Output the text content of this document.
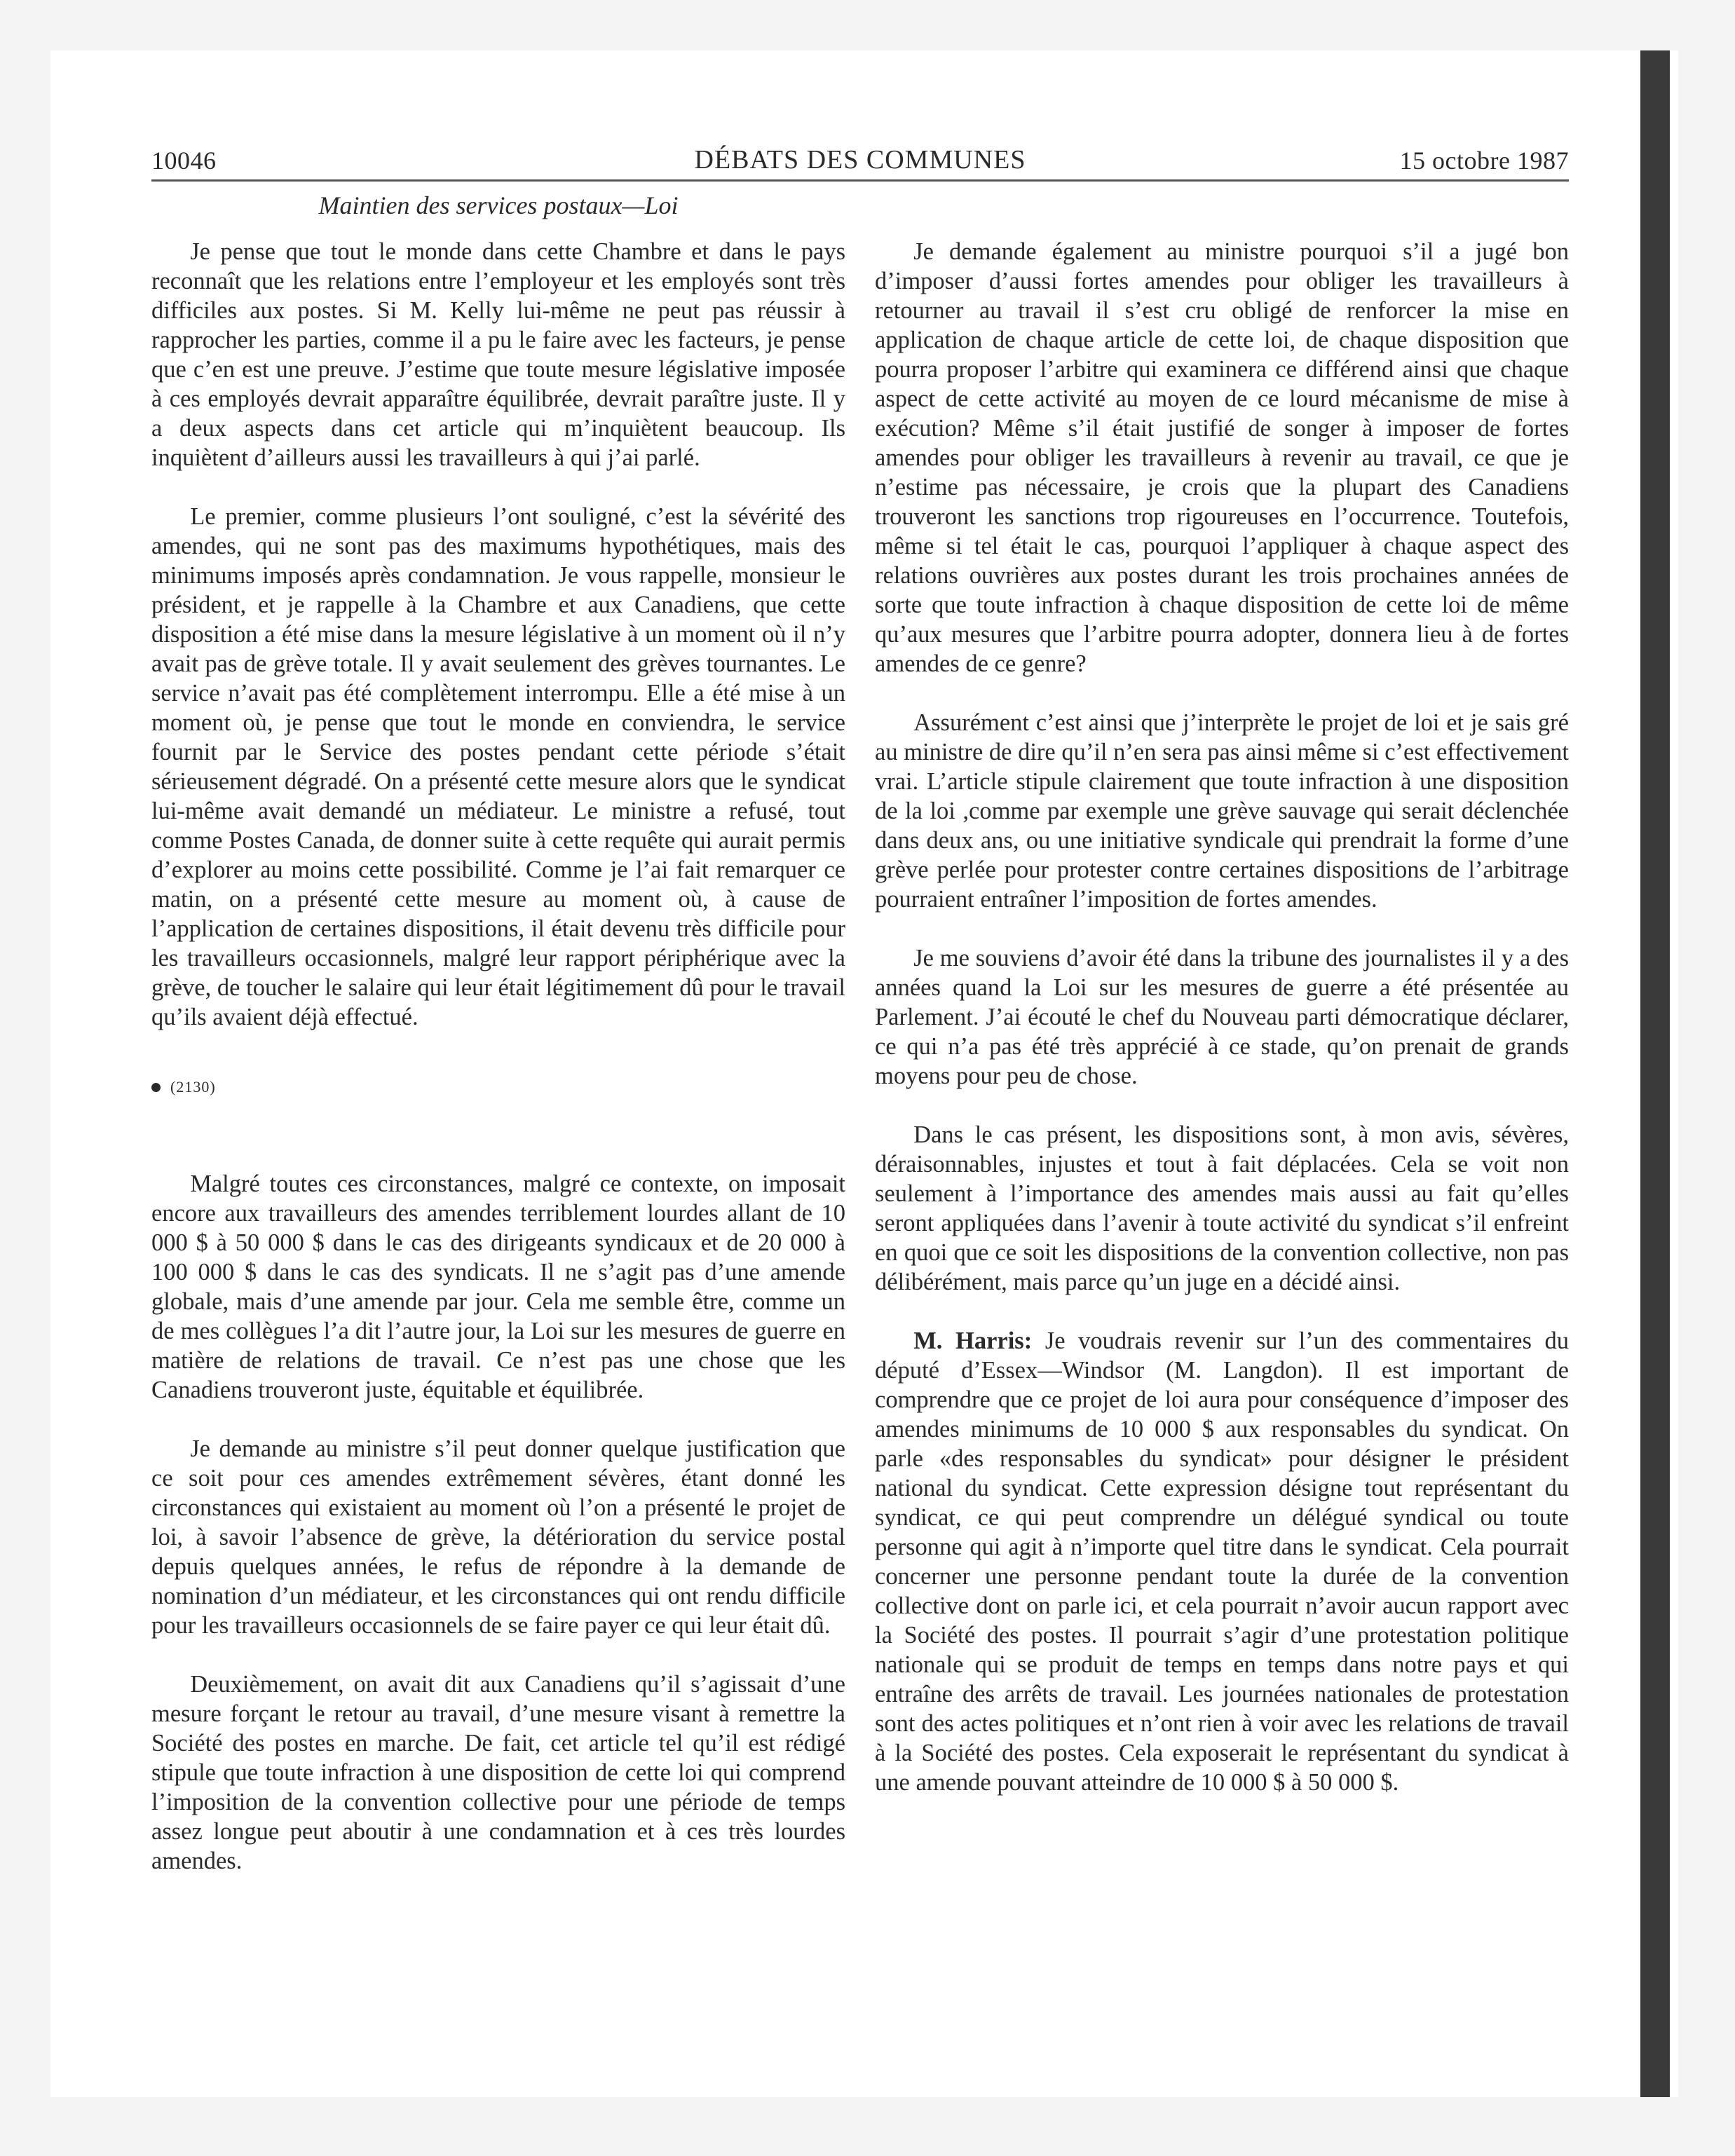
10046	DÉBATS DES COMMUNES	15 octobre 1987
Maintien des services postaux—Loi

Je pense que tout le monde dans cette Chambre et dans le pays reconnaît que les relations entre l’employeur et les employés sont très difficiles aux postes. Si M. Kelly lui-même ne peut pas réussir à rapprocher les parties, comme il a pu le faire avec les facteurs, je pense que c’en est une preuve. J’estime que toute mesure législative imposée à ces employés devrait apparaître équilibrée, devrait paraître juste. Il y a deux aspects dans cet article qui m’inquiètent beaucoup. Ils inquiètent d’ailleurs aussi les travailleurs à qui j’ai parlé.

Le premier, comme plusieurs l’ont souligné, c’est la sévérité des amendes, qui ne sont pas des maximums hypothétiques, mais des minimums imposés après condamnation. Je vous rappelle, monsieur le président, et je rappelle à la Chambre et aux Canadiens, que cette disposition a été mise dans la mesure législative à un moment où il n’y avait pas de grève totale. Il y avait seulement des grèves tournantes. Le service n’avait pas été complètement interrompu. Elle a été mise à un moment où, je pense que tout le monde en conviendra, le service fournit par le Service des postes pendant cette période s’était sérieusement dégradé. On a présenté cette mesure alors que le syndicat lui-même avait demandé un médiateur. Le ministre a refusé, tout comme Postes Canada, de donner suite à cette requête qui aurait permis d’explorer au moins cette possibilité. Comme je l’ai fait remarquer ce matin, on a présenté cette mesure au moment où, à cause de l’application de certaines dispositions, il était devenu très difficile pour les travailleurs occasionnels, malgré leur rapport périphérique avec la grève, de toucher le salaire qui leur était légitimement dû pour le travail qu’ils avaient déjà effectué.

(2130)

Malgré toutes ces circonstances, malgré ce contexte, on imposait encore aux travailleurs des amendes terriblement lourdes allant de 10 000 $ à 50 000 $ dans le cas des dirigeants syndicaux et de 20 000 à 100 000 $ dans le cas des syndicats. Il ne s’agit pas d’une amende globale, mais d’une amende par jour. Cela me semble être, comme un de mes collègues l’a dit l’autre jour, la Loi sur les mesures de guerre en matière de relations de travail. Ce n’est pas une chose que les Canadiens trouveront juste, équitable et équilibrée.

Je demande au ministre s’il peut donner quelque justification que ce soit pour ces amendes extrêmement sévères, étant donné les circonstances qui existaient au moment où l’on a présenté le projet de loi, à savoir l’absence de grève, la détérioration du service postal depuis quelques années, le refus de répondre à la demande de nomination d’un médiateur, et les circonstances qui ont rendu difficile pour les travailleurs occasionnels de se faire payer ce qui leur était dû.

Deuxièmement, on avait dit aux Canadiens qu’il s’agissait d’une mesure forçant le retour au travail, d’une mesure visant à remettre la Société des postes en marche. De fait, cet article tel qu’il est rédigé stipule que toute infraction à une disposition de cette loi qui comprend l’imposition de la convention collective pour une période de temps assez longue peut aboutir à une condamnation et à ces très lourdes amendes.

Je demande également au ministre pourquoi s’il a jugé bon d’imposer d’aussi fortes amendes pour obliger les travailleurs à retourner au travail il s’est cru obligé de renforcer la mise en application de chaque article de cette loi, de chaque disposition que pourra proposer l’arbitre qui examinera ce différend ainsi que chaque aspect de cette activité au moyen de ce lourd mécanisme de mise à exécution? Même s’il était justifié de songer à imposer de fortes amendes pour obliger les travailleurs à revenir au travail, ce que je n’estime pas nécessaire, je crois que la plupart des Canadiens trouveront les sanctions trop rigoureuses en l’occurrence. Toutefois, même si tel était le cas, pourquoi l’appliquer à chaque aspect des relations ouvrières aux postes durant les trois prochaines années de sorte que toute infraction à chaque disposition de cette loi de même qu’aux mesures que l’arbitre pourra adopter, donnera lieu à de fortes amendes de ce genre?

Assurément c’est ainsi que j’interprète le projet de loi et je sais gré au ministre de dire qu’il n’en sera pas ainsi même si c’est effectivement vrai. L’article stipule clairement que toute infraction à une disposition de la loi ,comme par exemple une grève sauvage qui serait déclenchée dans deux ans, ou une initiative syndicale qui prendrait la forme d’une grève perlée pour protester contre certaines dispositions de l’arbitrage pourraient entraîner l’imposition de fortes amendes.

Je me souviens d’avoir été dans la tribune des journalistes il y a des années quand la Loi sur les mesures de guerre a été présentée au Parlement. J’ai écouté le chef du Nouveau parti démocratique déclarer, ce qui n’a pas été très apprécié à ce stade, qu’on prenait de grands moyens pour peu de chose.

Dans le cas présent, les dispositions sont, à mon avis, sévères, déraisonnables, injustes et tout à fait déplacées. Cela se voit non seulement à l’importance des amendes mais aussi au fait qu’elles seront appliquées dans l’avenir à toute activité du syndicat s’il enfreint en quoi que ce soit les dispositions de la convention collective, non pas délibérément, mais parce qu’un juge en a décidé ainsi.

M. Harris: Je voudrais revenir sur l’un des commentaires du député d’Essex—Windsor (M. Langdon). Il est important de comprendre que ce projet de loi aura pour conséquence d’imposer des amendes minimums de 10 000 $ aux responsables du syndicat. On parle «des responsables du syndicat» pour désigner le président national du syndicat. Cette expression désigne tout représentant du syndicat, ce qui peut comprendre un délégué syndical ou toute personne qui agit à n’importe quel titre dans le syndicat. Cela pourrait concerner une personne pendant toute la durée de la convention collective dont on parle ici, et cela pourrait n’avoir aucun rapport avec la Société des postes. Il pourrait s’agir d’une protestation politique nationale qui se produit de temps en temps dans notre pays et qui entraîne des arrêts de travail. Les journées nationales de protestation sont des actes politiques et n’ont rien à voir avec les relations de travail à la Société des postes. Cela exposerait le représentant du syndicat à une amende pouvant atteindre de 10 000 $ à 50 000 $.
